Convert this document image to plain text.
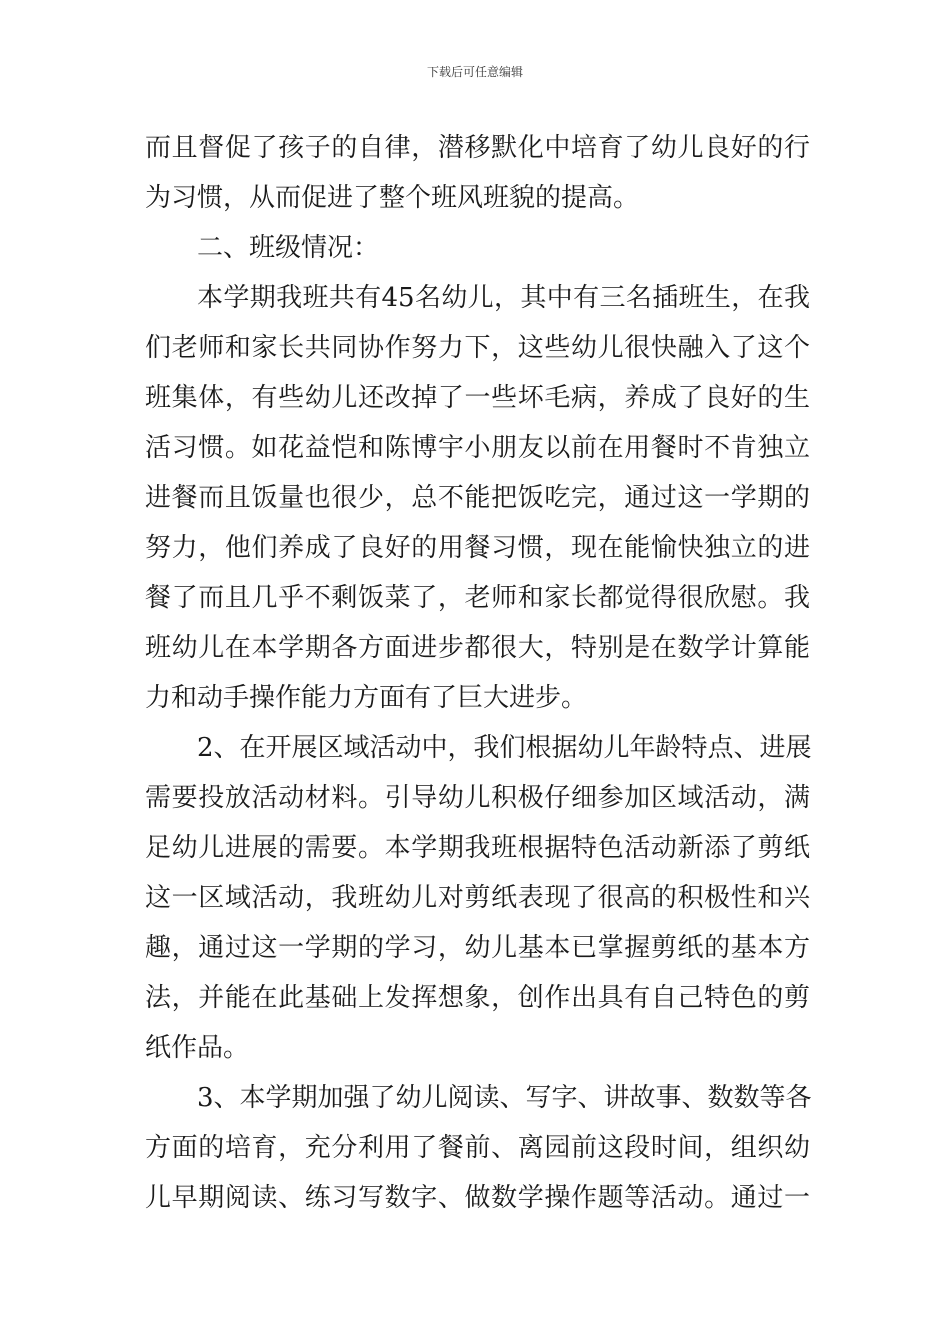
下载后可任意编辑
而且督促了孩子的自律，潜移默化中培育了幼儿良好的行
为习惯，从而促进了整个班风班貌的提高。
二、班级情况：
本学期我班共有45名幼儿，其中有三名插班生，在我
们老师和家长共同协作努力下，这些幼儿很快融入了这个
班集体，有些幼儿还改掉了一些坏毛病，养成了良好的生
活习惯。如花益恺和陈博宇小朋友以前在用餐时不肯独立
进餐而且饭量也很少，总不能把饭吃完，通过这一学期的
努力，他们养成了良好的用餐习惯，现在能愉快独立的进
餐了而且几乎不剩饭菜了，老师和家长都觉得很欣慰。我
班幼儿在本学期各方面进步都很大，特别是在数学计算能
力和动手操作能力方面有了巨大进步。
2、在开展区域活动中，我们根据幼儿年龄特点、进展
需要投放活动材料。引导幼儿积极仔细参加区域活动，满
足幼儿进展的需要。本学期我班根据特色活动新添了剪纸
这一区域活动，我班幼儿对剪纸表现了很高的积极性和兴
趣，通过这一学期的学习，幼儿基本已掌握剪纸的基本方
法，并能在此基础上发挥想象，创作出具有自己特色的剪
纸作品。
3、本学期加强了幼儿阅读、写字、讲故事、数数等各
方面的培育，充分利用了餐前、离园前这段时间，组织幼
儿早期阅读、练习写数字、做数学操作题等活动。通过一
